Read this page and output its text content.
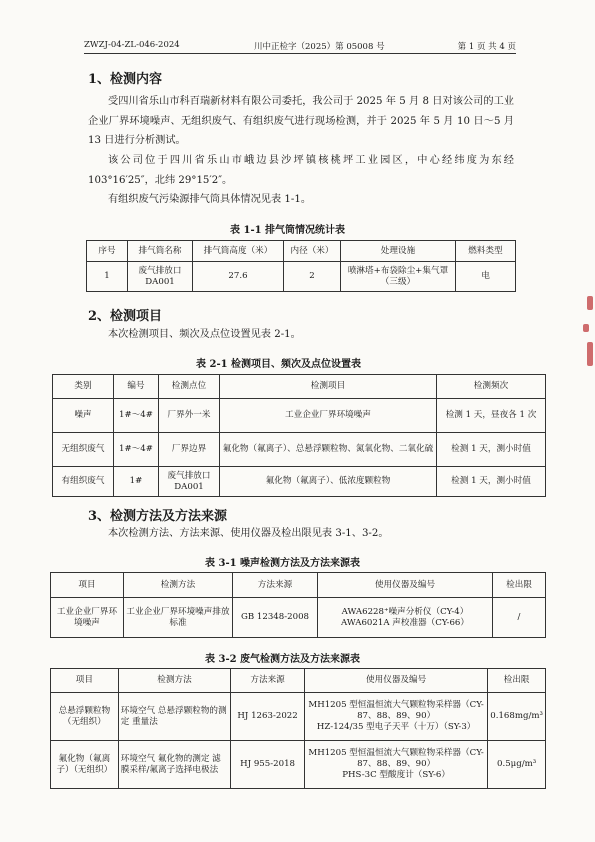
ZWZJ-04-ZL-046-2024	川中正检字（2025）第 05008 号	第 1 页 共 4 页
1、检测内容

受四川省乐山市科百瑞新材料有限公司委托，我公司于 2025 年 5 月 8 日对该公司的工业企业厂界环境噪声、无组织废气、有组织废气进行现场检测，并于 2025 年 5 月 10 日～5 月 13 日进行分析测试。

该公司位于四川省乐山市峨边县沙坪镇核桃坪工业园区，中心经纬度为东经 103°16′25″，北纬 29°15′2″。

有组织废气污染源排气筒具体情况见表 1-1。

表 1-1 排气筒情况统计表
序号	排气筒名称	排气筒高度（米）	内径（米）	处理设施	燃料类型
1	废气排放口 DA001	27.6	2	喷淋塔+布袋除尘+集气罩（三级）	电
2、检测项目

本次检测项目、频次及点位设置见表 2-1。

表 2-1 检测项目、频次及点位设置表
类别	编号	检测点位	检测项目	检测频次
噪声	1#～4#	厂界外一米	工业企业厂界环境噪声	检测 1 天，昼夜各 1 次
无组织废气	1#～4#	厂界边界	氟化物（氟离子）、总悬浮颗粒物、氮氧化物、二氧化硫	检测 1 天，测小时值
有组织废气	1#	废气排放口 DA001	氟化物（氟离子）、低浓度颗粒物	检测 1 天，测小时值
3、检测方法及方法来源

本次检测方法、方法来源、使用仪器及检出限见表 3-1、3-2。

表 3-1 噪声检测方法及方法来源表
项目	检测方法	方法来源	使用仪器及编号	检出限
工业企业厂界环境噪声	工业企业厂界环境噪声排放标准	GB 12348-2008	AWA6228⁺噪声分析仪（CY-4）
AWA6021A 声校准器（CY-66）	/
表 3-2 废气检测方法及方法来源表
项目	检测方法	方法来源	使用仪器及编号	检出限
总悬浮颗粒物（无组织）	环境空气 总悬浮颗粒物的测定 重量法	HJ 1263-2022	MH1205 型恒温恒流大气颗粒物采样器（CY-87、88、89、90）
HZ-124/35 型电子天平（十万）（SY-3）	0.168mg/m³
氟化物（氟离子）（无组织）	环境空气 氟化物的测定 滤膜采样/氟离子选择电极法	HJ 955-2018	MH1205 型恒温恒流大气颗粒物采样器（CY-87、88、89、90）
PHS-3C 型酸度计（SY-6）	0.5μg/m³
